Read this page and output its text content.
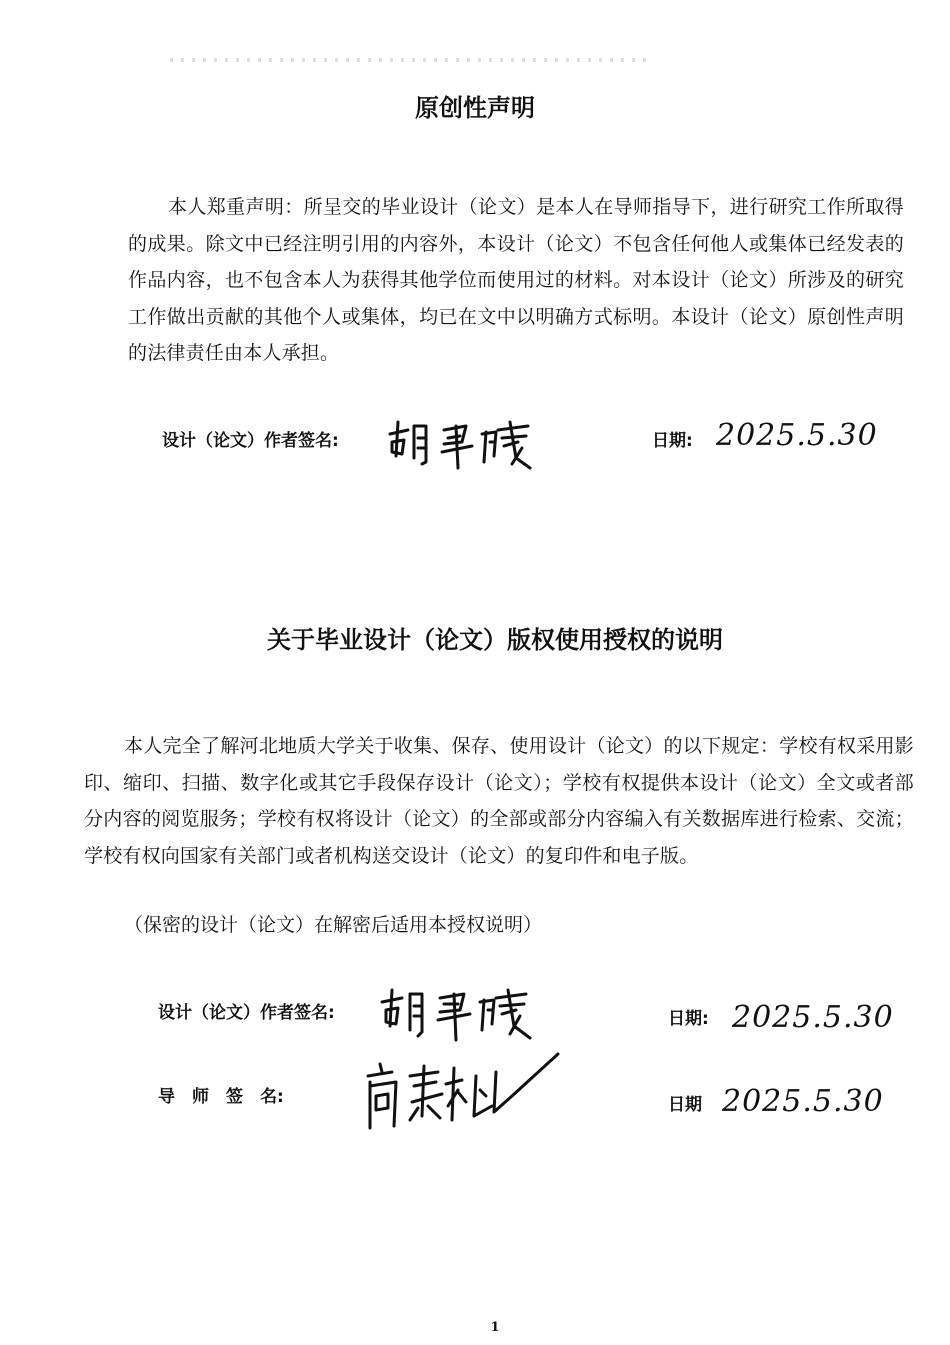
原创性声明
本人郑重声明：所呈交的毕业设计（论文）是本人在导师指导下，进行研究工作所取得的成果。除文中已经注明引用的内容外，本设计（论文）不包含任何他人或集体已经发表的作品内容，也不包含本人为获得其他学位而使用过的材料。对本设计（论文）所涉及的研究工作做出贡献的其他个人或集体，均已在文中以明确方式标明。本设计（论文）原创性声明的法律责任由本人承担。
设计（论文）作者签名:	日期: 2025.5.30
关于毕业设计（论文）版权使用授权的说明
本人完全了解河北地质大学关于收集、保存、使用设计（论文）的以下规定：学校有权采用影印、缩印、扫描、数字化或其它手段保存设计（论文）；学校有权提供本设计（论文）全文或者部分内容的阅览服务；学校有权将设计（论文）的全部或部分内容编入有关数据库进行检索、交流；学校有权向国家有关部门或者机构送交设计（论文）的复印件和电子版。
（保密的设计（论文）在解密后适用本授权说明）
设计（论文）作者签名:	日期: 2025.5.30
导　师　签　名:	日期 2025.5.30
1
